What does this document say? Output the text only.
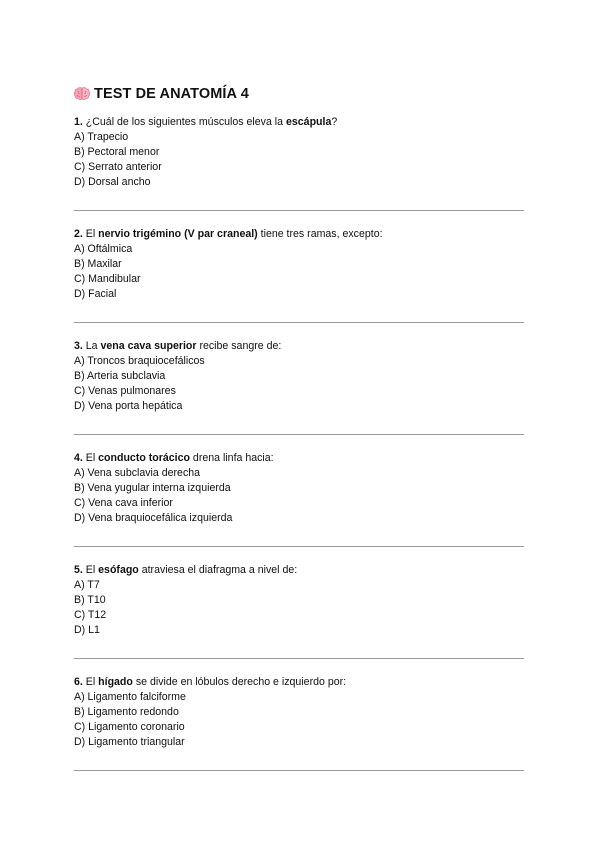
TEST DE ANATOMÍA 4

1. ¿Cuál de los siguientes músculos eleva la escápula?

A) Trapecio
B) Pectoral menor
C) Serrato anterior
D) Dorsal ancho

2. El nervio trigémino (V par craneal) tiene tres ramas, excepto:

A) Oftálmica
B) Maxilar
C) Mandibular
D) Facial

3. La vena cava superior recibe sangre de:

A) Troncos braquiocefálicos
B) Arteria subclavia
C) Venas pulmonares
D) Vena porta hepática

4. El conducto torácico drena linfa hacia:

A) Vena subclavia derecha
B) Vena yugular interna izquierda
C) Vena cava inferior
D) Vena braquiocefálica izquierda

5. El esófago atraviesa el diafragma a nivel de:

A) T7
B) T10
C) T12
D) L1

6. El hígado se divide en lóbulos derecho e izquierdo por:

A) Ligamento falciforme
B) Ligamento redondo
C) Ligamento coronario
D) Ligamento triangular
